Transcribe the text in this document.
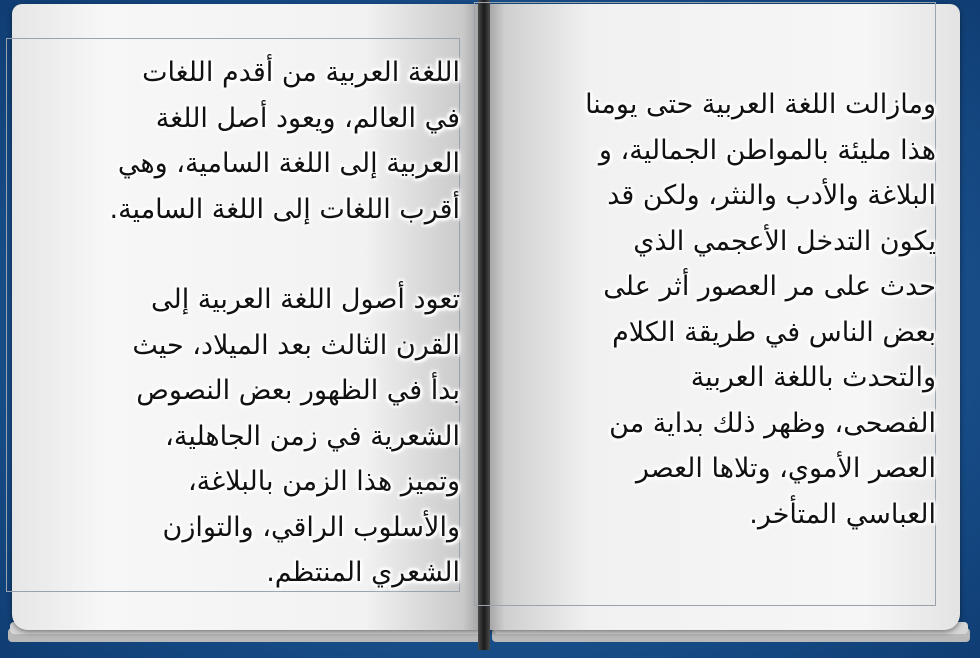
اللغة العربية من أقدم اللغات

في العالم، ويعود أصل اللغة

العربية إلى اللغة السامية، وهي

أقرب اللغات إلى اللغة السامية.

تعود أصول اللغة العربية إلى

القرن الثالث بعد الميلاد، حيث

بدأ في الظهور بعض النصوص

الشعرية في زمن الجاهلية،

وتميز هذا الزمن بالبلاغة،

والأسلوب الراقي، والتوازن

الشعري المنتظم.

ومازالت اللغة العربية حتى يومنا

هذا مليئة بالمواطن الجمالية، و

البلاغة والأدب والنثر، ولكن قد

يكون التدخل الأعجمي الذي

حدث على مر العصور أثر على

بعض الناس في طريقة الكلام

والتحدث باللغة العربية

الفصحى، وظهر ذلك بداية من

العصر الأموي، وتلاها العصر

العباسي المتأخر.
